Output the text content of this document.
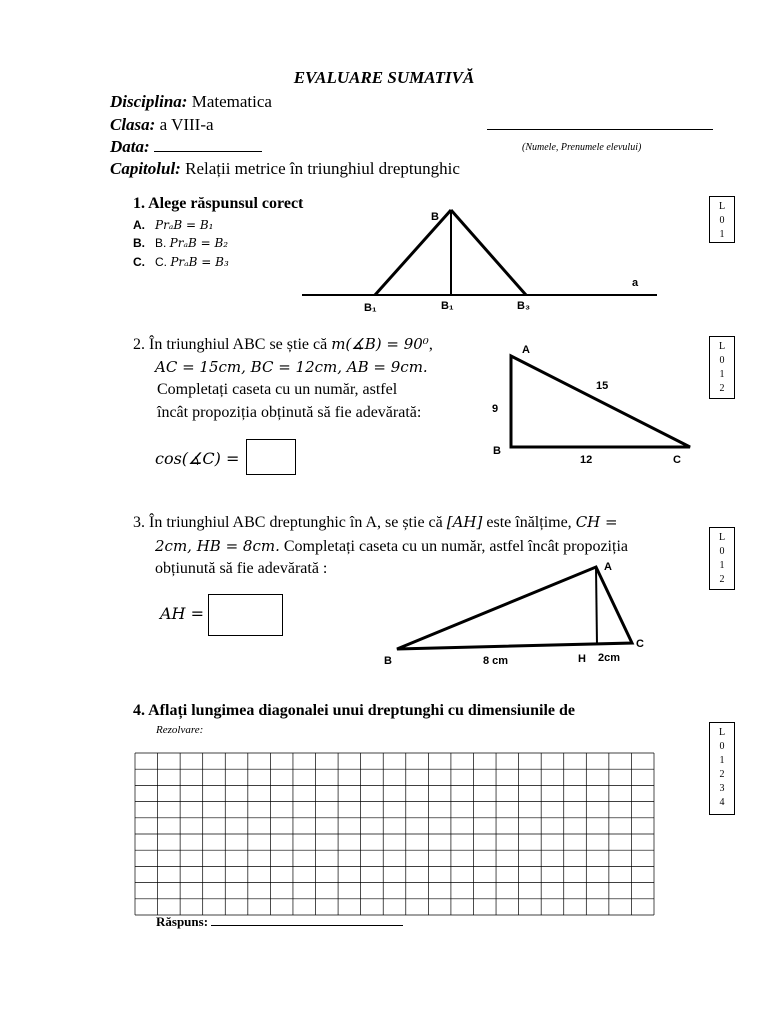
EVALUARE SUMATIVĂ
Disciplina: Matematica
Clasa: a VIII-a
Data:	(Numele, Prenumele elevului)
Capitolul: Relații metrice în triunghiul dreptunghic
1. Alege răspunsul corect
A. PrₐB = B₁
B. B. PrₐB = B₂
C. C. PrₐB = B₃
B
B₁	B₁	B₃
a
L
0
1
2. În triunghiul ABC se știe că m(∡B) = 90⁰,
AC = 15cm, BC = 12cm, AB = 9cm.
Completați caseta cu un număr, astfel
încât propoziția obținută să fie adevărată:
cos(∡C) =
A
B
C
9
12
15
L
0
1
2
3. În triunghiul ABC dreptunghic în A, se știe că [AH] este înălțime, CH =
2cm, HB = 8cm. Completați caseta cu un număr, astfel încât propoziția
obțiunută să fie adevărată :
AH =
A
B
C
H
8 cm	2cm
L
0
1
2
4. Aflați lungimea diagonalei unui dreptunghi cu dimensiunile de
Rezolvare:
Răspuns:
L
0
1
2
3
4
